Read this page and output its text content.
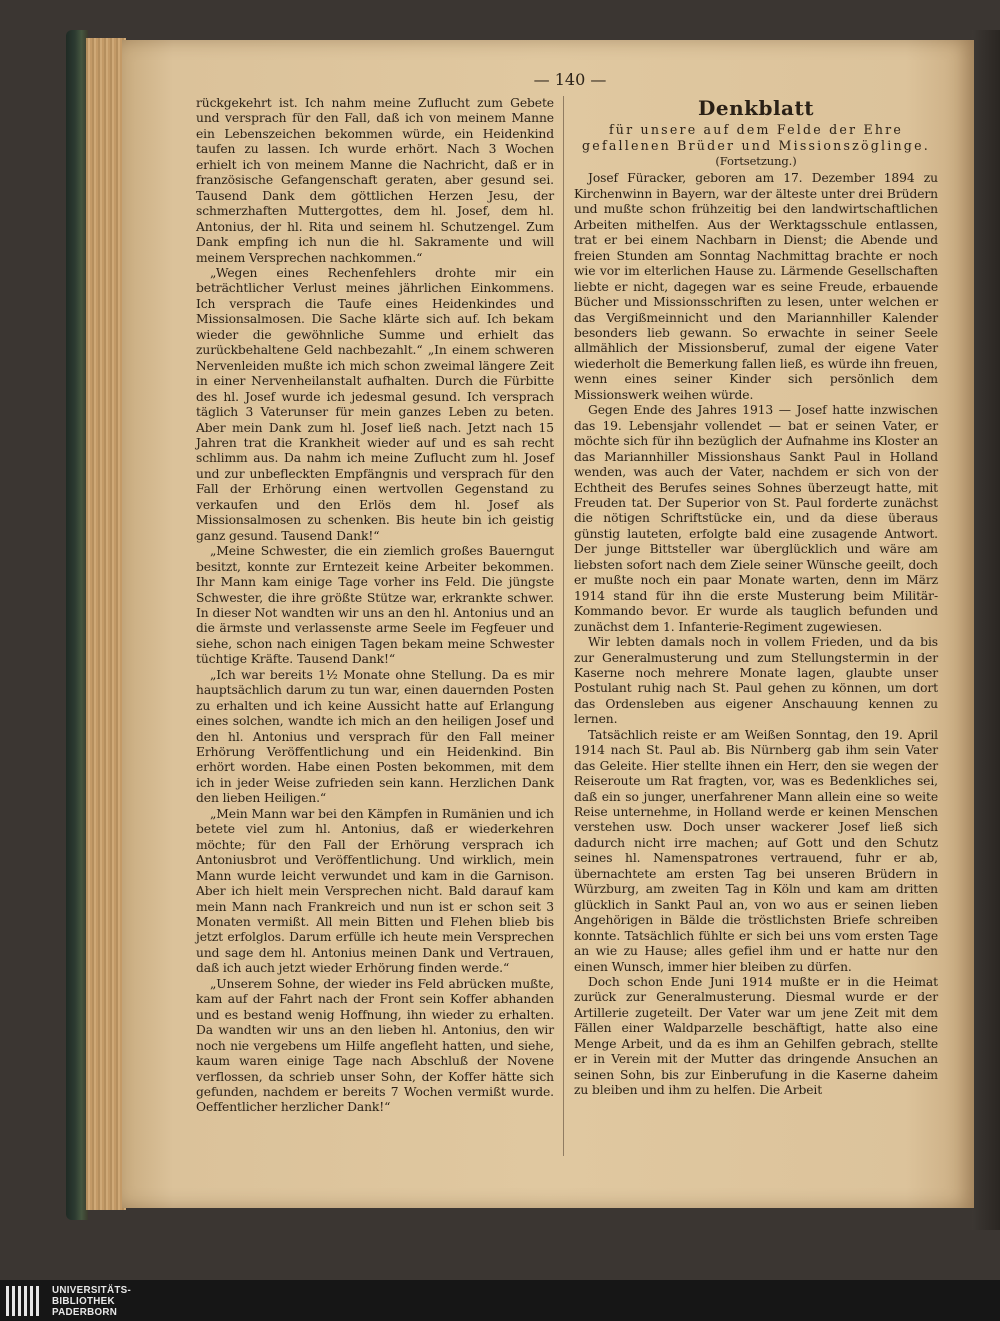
— 140 —

rückgekehrt ist. Ich nahm meine Zuflucht zum Gebete und versprach für den Fall, daß ich von meinem Manne ein Lebenszeichen bekommen würde, ein Heidenkind taufen zu lassen. Ich wurde erhört. Nach 3 Wochen erhielt ich von meinem Manne die Nachricht, daß er in französische Gefangenschaft geraten, aber gesund sei. Tausend Dank dem göttlichen Herzen Jesu, der schmerzhaften Muttergottes, dem hl. Josef, dem hl. Antonius, der hl. Rita und seinem hl. Schutzengel. Zum Dank empfing ich nun die hl. Sakramente und will meinem Versprechen nachkommen.“

„Wegen eines Rechenfehlers drohte mir ein beträchtlicher Verlust meines jährlichen Einkommens. Ich versprach die Taufe eines Heidenkindes und Missionsalmosen. Die Sache klärte sich auf. Ich bekam wieder die gewöhnliche Summe und erhielt das zurückbehaltene Geld nachbezahlt.“ „In einem schweren Nervenleiden mußte ich mich schon zweimal längere Zeit in einer Nervenheilanstalt aufhalten. Durch die Fürbitte des hl. Josef wurde ich jedesmal gesund. Ich versprach täglich 3 Vaterunser für mein ganzes Leben zu beten. Aber mein Dank zum hl. Josef ließ nach. Jetzt nach 15 Jahren trat die Krankheit wieder auf und es sah recht schlimm aus. Da nahm ich meine Zuflucht zum hl. Josef und zur unbefleckten Empfängnis und versprach für den Fall der Erhörung einen wertvollen Gegenstand zu verkaufen und den Erlös dem hl. Josef als Missionsalmosen zu schenken. Bis heute bin ich geistig ganz gesund. Tausend Dank!“

„Meine Schwester, die ein ziemlich großes Bauerngut besitzt, konnte zur Erntezeit keine Arbeiter bekommen. Ihr Mann kam einige Tage vorher ins Feld. Die jüngste Schwester, die ihre größte Stütze war, erkrankte schwer. In dieser Not wandten wir uns an den hl. Antonius und an die ärmste und verlassenste arme Seele im Fegfeuer und siehe, schon nach einigen Tagen bekam meine Schwester tüchtige Kräfte. Tausend Dank!“

„Ich war bereits 1½ Monate ohne Stellung. Da es mir hauptsächlich darum zu tun war, einen dauernden Posten zu erhalten und ich keine Aussicht hatte auf Erlangung eines solchen, wandte ich mich an den heiligen Josef und den hl. Antonius und versprach für den Fall meiner Erhörung Veröffentlichung und ein Heidenkind. Bin erhört worden. Habe einen Posten bekommen, mit dem ich in jeder Weise zufrieden sein kann. Herzlichen Dank den lieben Heiligen.“

„Mein Mann war bei den Kämpfen in Rumänien und ich betete viel zum hl. Antonius, daß er wiederkehren möchte; für den Fall der Erhörung versprach ich Antoniusbrot und Veröffentlichung. Und wirklich, mein Mann wurde leicht verwundet und kam in die Garnison. Aber ich hielt mein Versprechen nicht. Bald darauf kam mein Mann nach Frankreich und nun ist er schon seit 3 Monaten vermißt. All mein Bitten und Flehen blieb bis jetzt erfolglos. Darum erfülle ich heute mein Versprechen und sage dem hl. Antonius meinen Dank und Vertrauen, daß ich auch jetzt wieder Erhörung finden werde.“

„Unserem Sohne, der wieder ins Feld abrücken mußte, kam auf der Fahrt nach der Front sein Koffer abhanden und es bestand wenig Hoffnung, ihn wieder zu erhalten. Da wandten wir uns an den lieben hl. Antonius, den wir noch nie vergebens um Hilfe angefleht hatten, und siehe, kaum waren einige Tage nach Abschluß der Novene verflossen, da schrieb unser Sohn, der Koffer hätte sich gefunden, nachdem er bereits 7 Wochen vermißt wurde. Oeffentlicher herzlicher Dank!“

Denkblatt
für unsere auf dem Felde der Ehre gefallenen Brüder und Missionszöglinge.
(Fortsetzung.)

Josef Füracker, geboren am 17. Dezember 1894 zu Kirchenwinn in Bayern, war der älteste unter drei Brüdern und mußte schon frühzeitig bei den landwirtschaftlichen Arbeiten mithelfen. Aus der Werktagsschule entlassen, trat er bei einem Nachbarn in Dienst; die Abende und freien Stunden am Sonntag Nachmittag brachte er noch wie vor im elterlichen Hause zu. Lärmende Gesellschaften liebte er nicht, dagegen war es seine Freude, erbauende Bücher und Missionsschriften zu lesen, unter welchen er das Vergißmeinnicht und den Mariannhiller Kalender besonders lieb gewann. So erwachte in seiner Seele allmählich der Missionsberuf, zumal der eigene Vater wiederholt die Bemerkung fallen ließ, es würde ihn freuen, wenn eines seiner Kinder sich persönlich dem Missionswerk weihen würde.

Gegen Ende des Jahres 1913 — Josef hatte inzwischen das 19. Lebensjahr vollendet — bat er seinen Vater, er möchte sich für ihn bezüglich der Aufnahme ins Kloster an das Mariannhiller Missionshaus Sankt Paul in Holland wenden, was auch der Vater, nachdem er sich von der Echtheit des Berufes seines Sohnes überzeugt hatte, mit Freuden tat. Der Superior von St. Paul forderte zunächst die nötigen Schriftstücke ein, und da diese überaus günstig lauteten, erfolgte bald eine zusagende Antwort. Der junge Bittsteller war überglücklich und wäre am liebsten sofort nach dem Ziele seiner Wünsche geeilt, doch er mußte noch ein paar Monate warten, denn im März 1914 stand für ihn die erste Musterung beim Militär-Kommando bevor. Er wurde als tauglich befunden und zunächst dem 1. Infanterie-Regiment zugewiesen.

Wir lebten damals noch in vollem Frieden, und da bis zur Generalmusterung und zum Stellungstermin in der Kaserne noch mehrere Monate lagen, glaubte unser Postulant ruhig nach St. Paul gehen zu können, um dort das Ordensleben aus eigener Anschauung kennen zu lernen.

Tatsächlich reiste er am Weißen Sonntag, den 19. April 1914 nach St. Paul ab. Bis Nürnberg gab ihm sein Vater das Geleite. Hier stellte ihnen ein Herr, den sie wegen der Reiseroute um Rat fragten, vor, was es Bedenkliches sei, daß ein so junger, unerfahrener Mann allein eine so weite Reise unternehme, in Holland werde er keinen Menschen verstehen usw. Doch unser wackerer Josef ließ sich dadurch nicht irre machen; auf Gott und den Schutz seines hl. Namenspatrones vertrauend, fuhr er ab, übernachtete am ersten Tag bei unseren Brüdern in Würzburg, am zweiten Tag in Köln und kam am dritten glücklich in Sankt Paul an, von wo aus er seinen lieben Angehörigen in Bälde die tröstlichsten Briefe schreiben konnte. Tatsächlich fühlte er sich bei uns vom ersten Tage an wie zu Hause; alles gefiel ihm und er hatte nur den einen Wunsch, immer hier bleiben zu dürfen.

Doch schon Ende Juni 1914 mußte er in die Heimat zurück zur Generalmusterung. Diesmal wurde er der Artillerie zugeteilt. Der Vater war um jene Zeit mit dem Fällen einer Waldparzelle beschäftigt, hatte also eine Menge Arbeit, und da es ihm an Gehilfen gebrach, stellte er in Verein mit der Mutter das dringende Ansuchen an seinen Sohn, bis zur Einberufung in die Kaserne daheim zu bleiben und ihm zu helfen. Die Arbeit

UNIVERSITÄTS-
BIBLIOTHEK
PADERBORN
